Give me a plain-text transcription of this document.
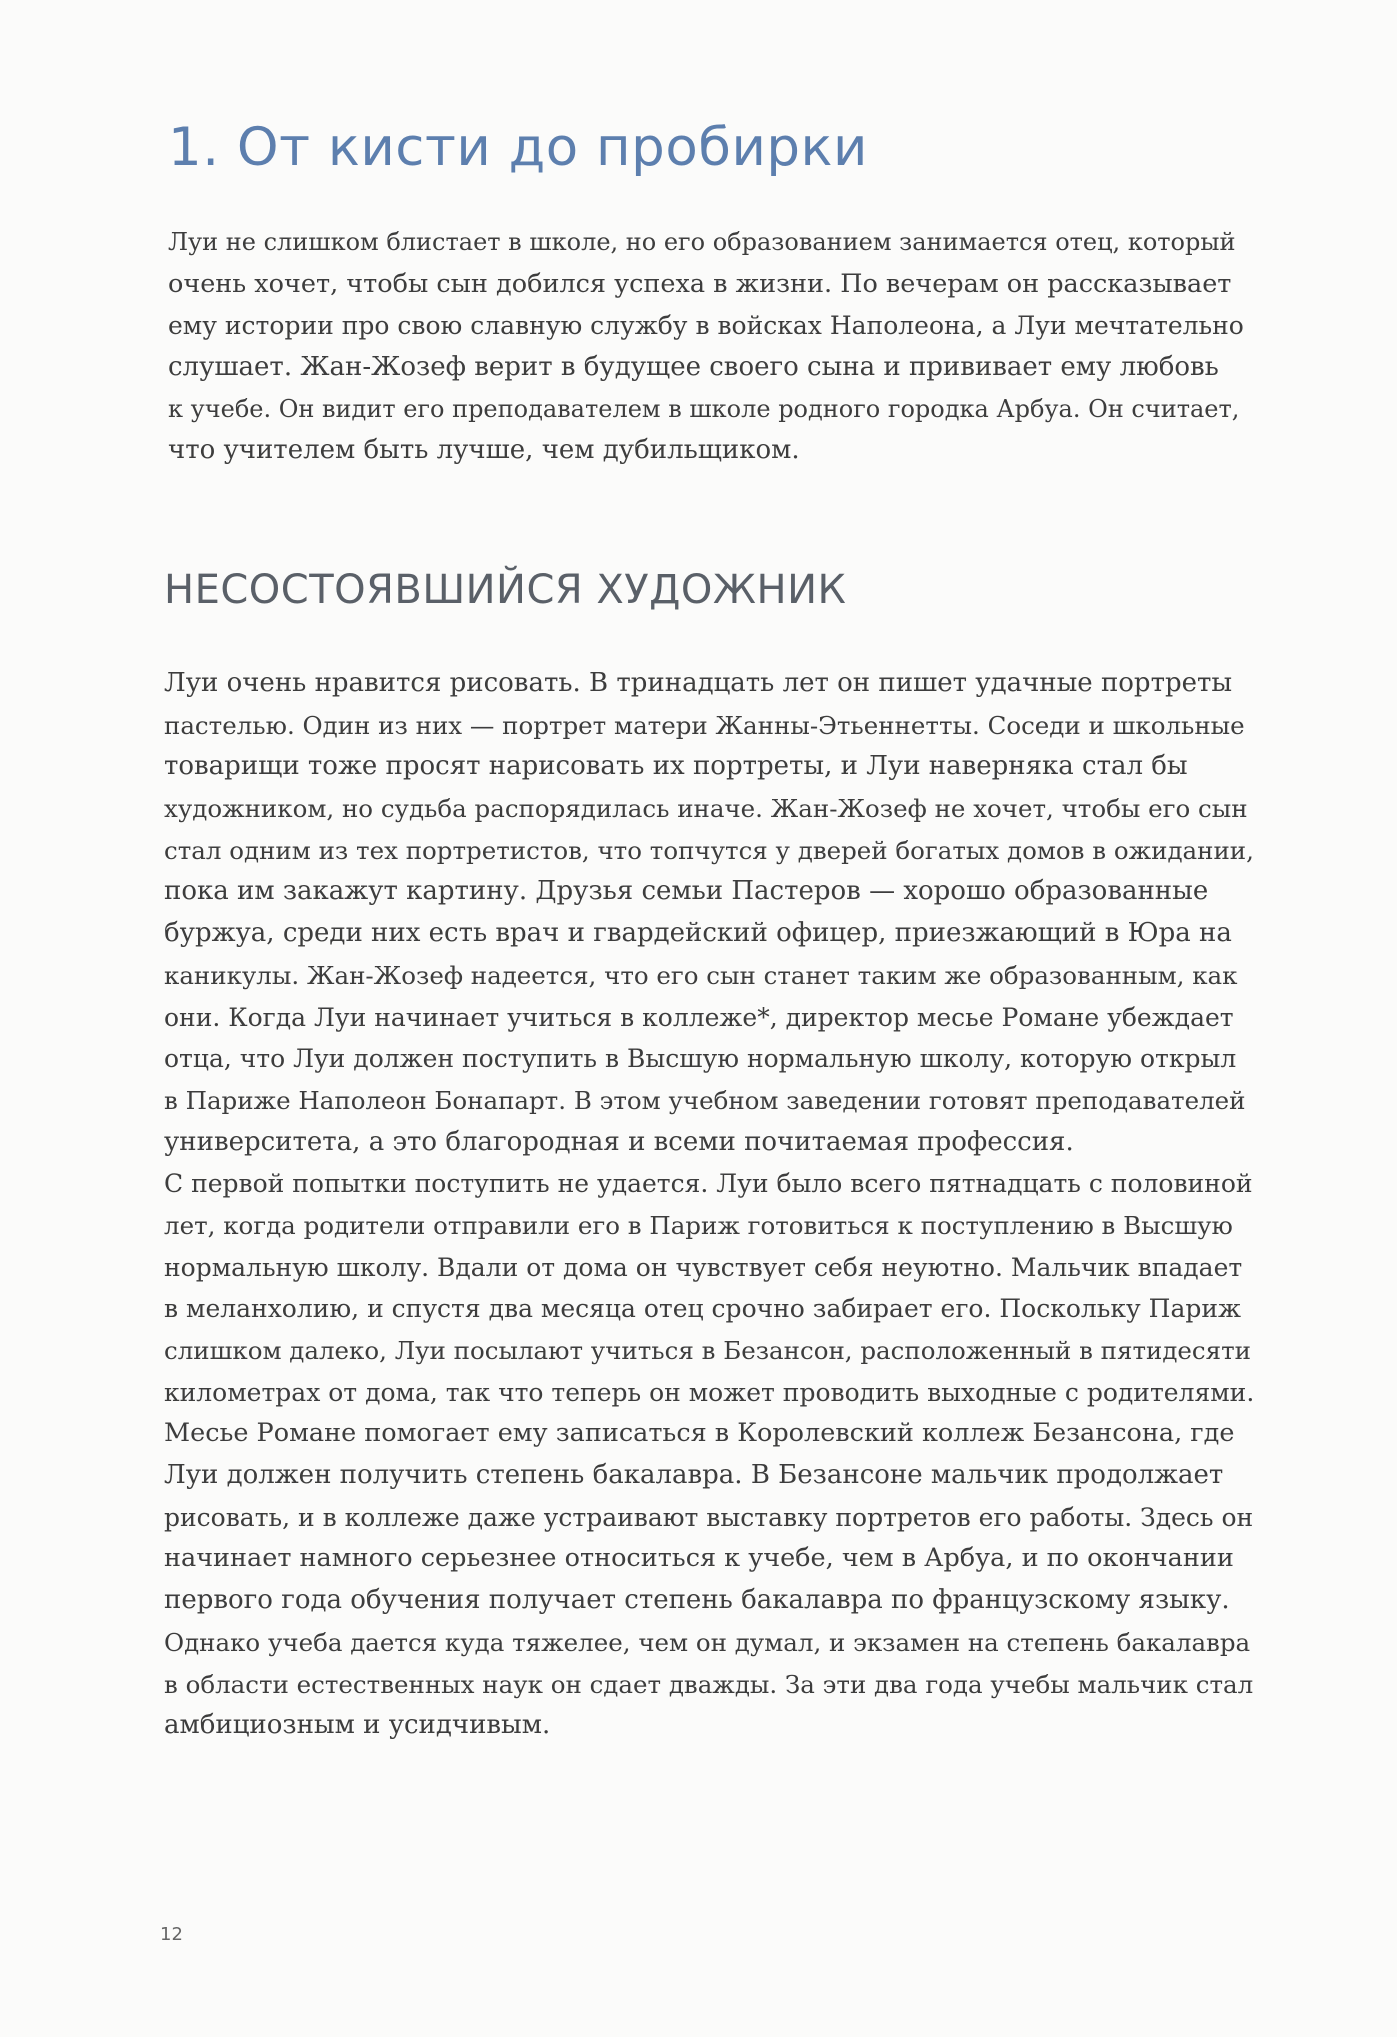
1. От кисти до пробирки
Луи не слишком блистает в школе, но его образованием занимается отец, который
очень хочет, чтобы сын добился успеха в жизни. По вечерам он рассказывает
ему истории про свою славную службу в войсках Наполеона, а Луи мечтательно
слушает. Жан-Жозеф верит в будущее своего сына и прививает ему любовь
к учебе. Он видит его преподавателем в школе родного городка Арбуа. Он считает,
что учителем быть лучше, чем дубильщиком.
НЕСОСТОЯВШИЙСЯ ХУДОЖНИК
Луи очень нравится рисовать. В тринадцать лет он пишет удачные портреты
пастелью. Один из них — портрет матери Жанны-Этьеннетты. Соседи и школьные
товарищи тоже просят нарисовать их портреты, и Луи наверняка стал бы
художником, но судьба распорядилась иначе. Жан-Жозеф не хочет, чтобы его сын
стал одним из тех портретистов, что топчутся у дверей богатых домов в ожидании,
пока им закажут картину. Друзья семьи Пастеров — хорошо образованные
буржуа, среди них есть врач и гвардейский офицер, приезжающий в Юра на
каникулы. Жан-Жозеф надеется, что его сын станет таким же образованным, как
они. Когда Луи начинает учиться в коллеже*, директор месье Романе убеждает
отца, что Луи должен поступить в Высшую нормальную школу, которую открыл
в Париже Наполеон Бонапарт. В этом учебном заведении готовят преподавателей
университета, а это благородная и всеми почитаемая профессия.
С первой попытки поступить не удается. Луи было всего пятнадцать с половиной
лет, когда родители отправили его в Париж готовиться к поступлению в Высшую
нормальную школу. Вдали от дома он чувствует себя неуютно. Мальчик впадает
в меланхолию, и спустя два месяца отец срочно забирает его. Поскольку Париж
слишком далеко, Луи посылают учиться в Безансон, расположенный в пятидесяти
километрах от дома, так что теперь он может проводить выходные с родителями.
Месье Романе помогает ему записаться в Королевский коллеж Безансона, где
Луи должен получить степень бакалавра. В Безансоне мальчик продолжает
рисовать, и в коллеже даже устраивают выставку портретов его работы. Здесь он
начинает намного серьезнее относиться к учебе, чем в Арбуа, и по окончании
первого года обучения получает степень бакалавра по французскому языку.
Однако учеба дается куда тяжелее, чем он думал, и экзамен на степень бакалавра
в области естественных наук он сдает дважды. За эти два года учебы мальчик стал
амбициозным и усидчивым.
12
